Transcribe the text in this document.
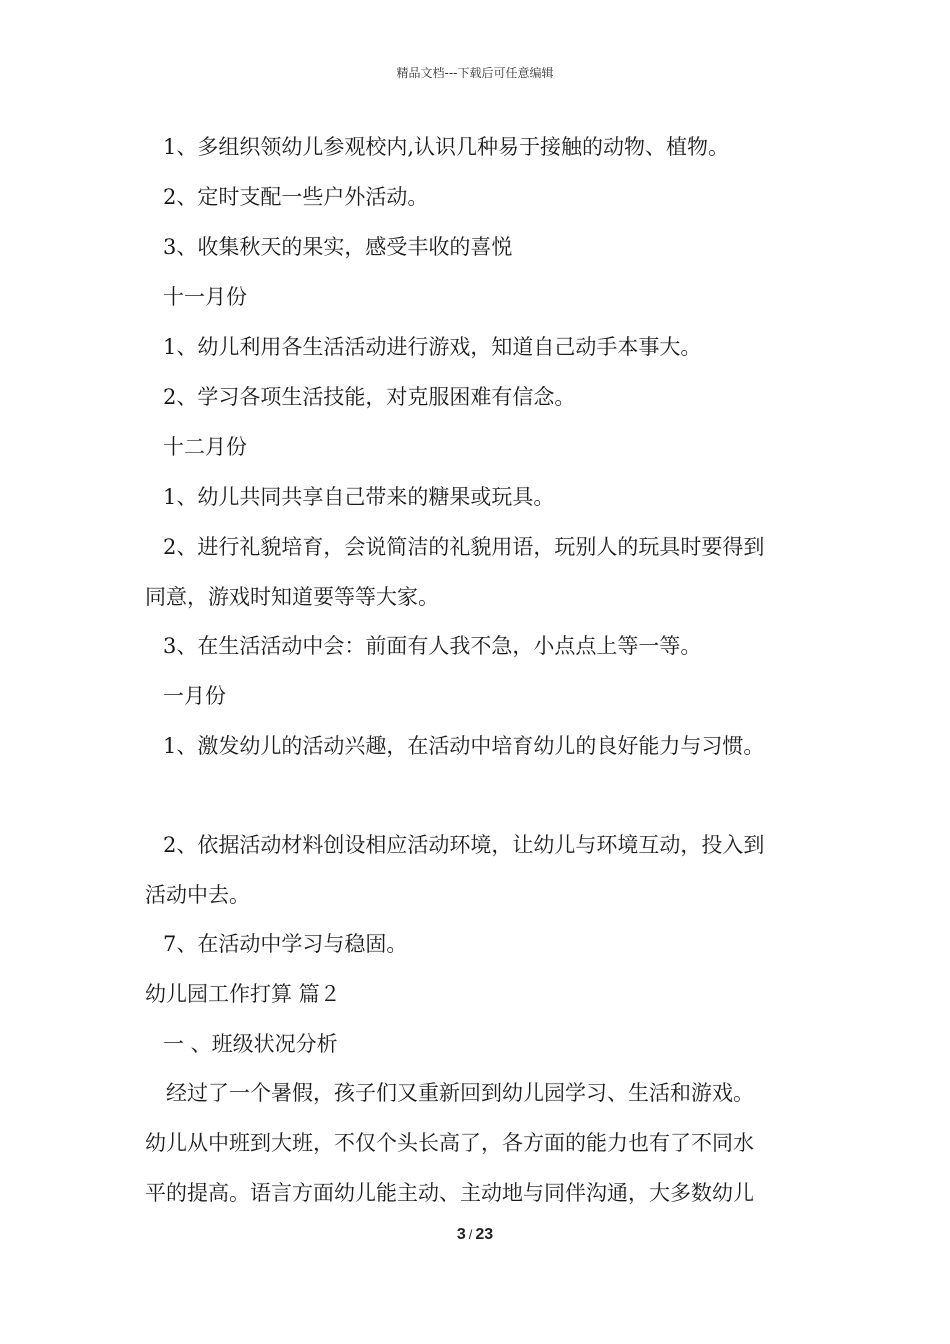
精品文档---下载后可任意编辑
1、多组织领幼儿参观校内,认识几种易于接触的动物、植物。
2、定时支配一些户外活动。
3、收集秋天的果实，感受丰收的喜悦
十一月份
1、幼儿利用各生活活动进行游戏，知道自己动手本事大。
2、学习各项生活技能，对克服困难有信念。
十二月份
1、幼儿共同共享自己带来的糖果或玩具。
2、进行礼貌培育，会说简洁的礼貌用语，玩别人的玩具时要得到
同意，游戏时知道要等等大家。
3、在生活活动中会：前面有人我不急，小点点上等一等。
一月份
1、激发幼儿的活动兴趣，在活动中培育幼儿的良好能力与习惯。
2、依据活动材料创设相应活动环境，让幼儿与环境互动，投入到
活动中去。
7、在活动中学习与稳固。
幼儿园工作打算 篇２
一 、班级状况分析
经过了一个暑假，孩子们又重新回到幼儿园学习、生活和游戏。
幼儿从中班到大班，不仅个头长高了，各方面的能力也有了不同水
平的提高。语言方面幼儿能主动、主动地与同伴沟通，大多数幼儿
3 / 23
